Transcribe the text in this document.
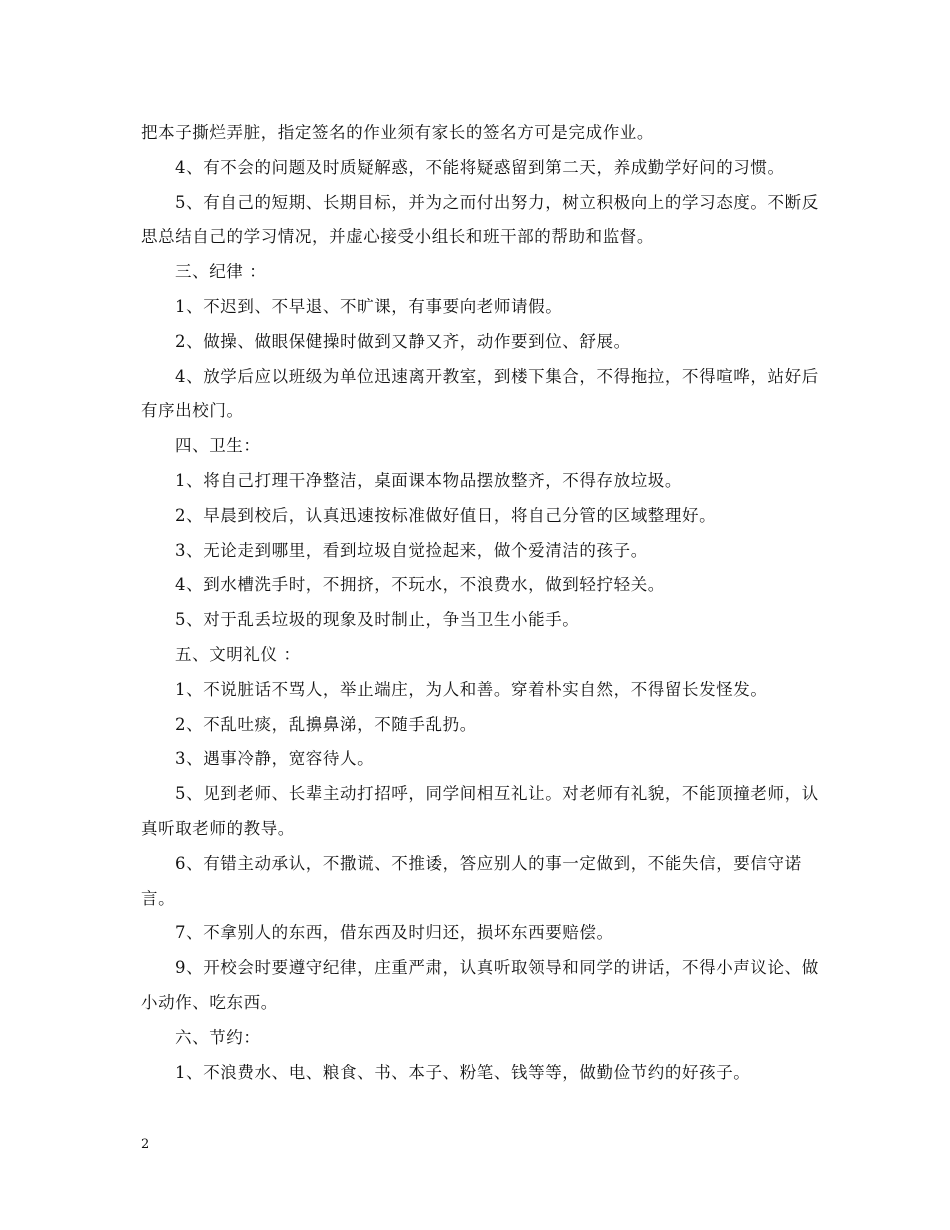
把本子撕烂弄脏，指定签名的作业须有家长的签名方可是完成作业。

4、有不会的问题及时质疑解惑，不能将疑惑留到第二天，养成勤学好问的习惯。

5、有自己的短期、长期目标，并为之而付出努力，树立积极向上的学习态度。不断反思总结自己的学习情况，并虚心接受小组长和班干部的帮助和监督。

三、纪律 ：

1、不迟到、不早退、不旷课，有事要向老师请假。

2、做操、做眼保健操时做到又静又齐，动作要到位、舒展。

4、放学后应以班级为单位迅速离开教室，到楼下集合，不得拖拉，不得喧哗，站好后有序出校门。

四、卫生：

1、将自己打理干净整洁，桌面课本物品摆放整齐，不得存放垃圾。

2、早晨到校后，认真迅速按标准做好值日，将自己分管的区域整理好。

3、无论走到哪里，看到垃圾自觉捡起来，做个爱清洁的孩子。

4、到水槽洗手时，不拥挤，不玩水，不浪费水，做到轻拧轻关。

5、对于乱丢垃圾的现象及时制止，争当卫生小能手。

五、文明礼仪 ：

1、不说脏话不骂人，举止端庄，为人和善。穿着朴实自然，不得留长发怪发。

2、不乱吐痰，乱擤鼻涕，不随手乱扔。

3、遇事冷静，宽容待人。

5、见到老师、长辈主动打招呼，同学间相互礼让。对老师有礼貌，不能顶撞老师，认真听取老师的教导。

6、有错主动承认，不撒谎、不推诿，答应别人的事一定做到，不能失信，要信守诺言。

7、不拿别人的东西，借东西及时归还，损坏东西要赔偿。

9、开校会时要遵守纪律，庄重严肃，认真听取领导和同学的讲话，不得小声议论、做小动作、吃东西。

六、节约：

1、不浪费水、电、粮食、书、本子、粉笔、钱等等，做勤俭节约的好孩子。

2
